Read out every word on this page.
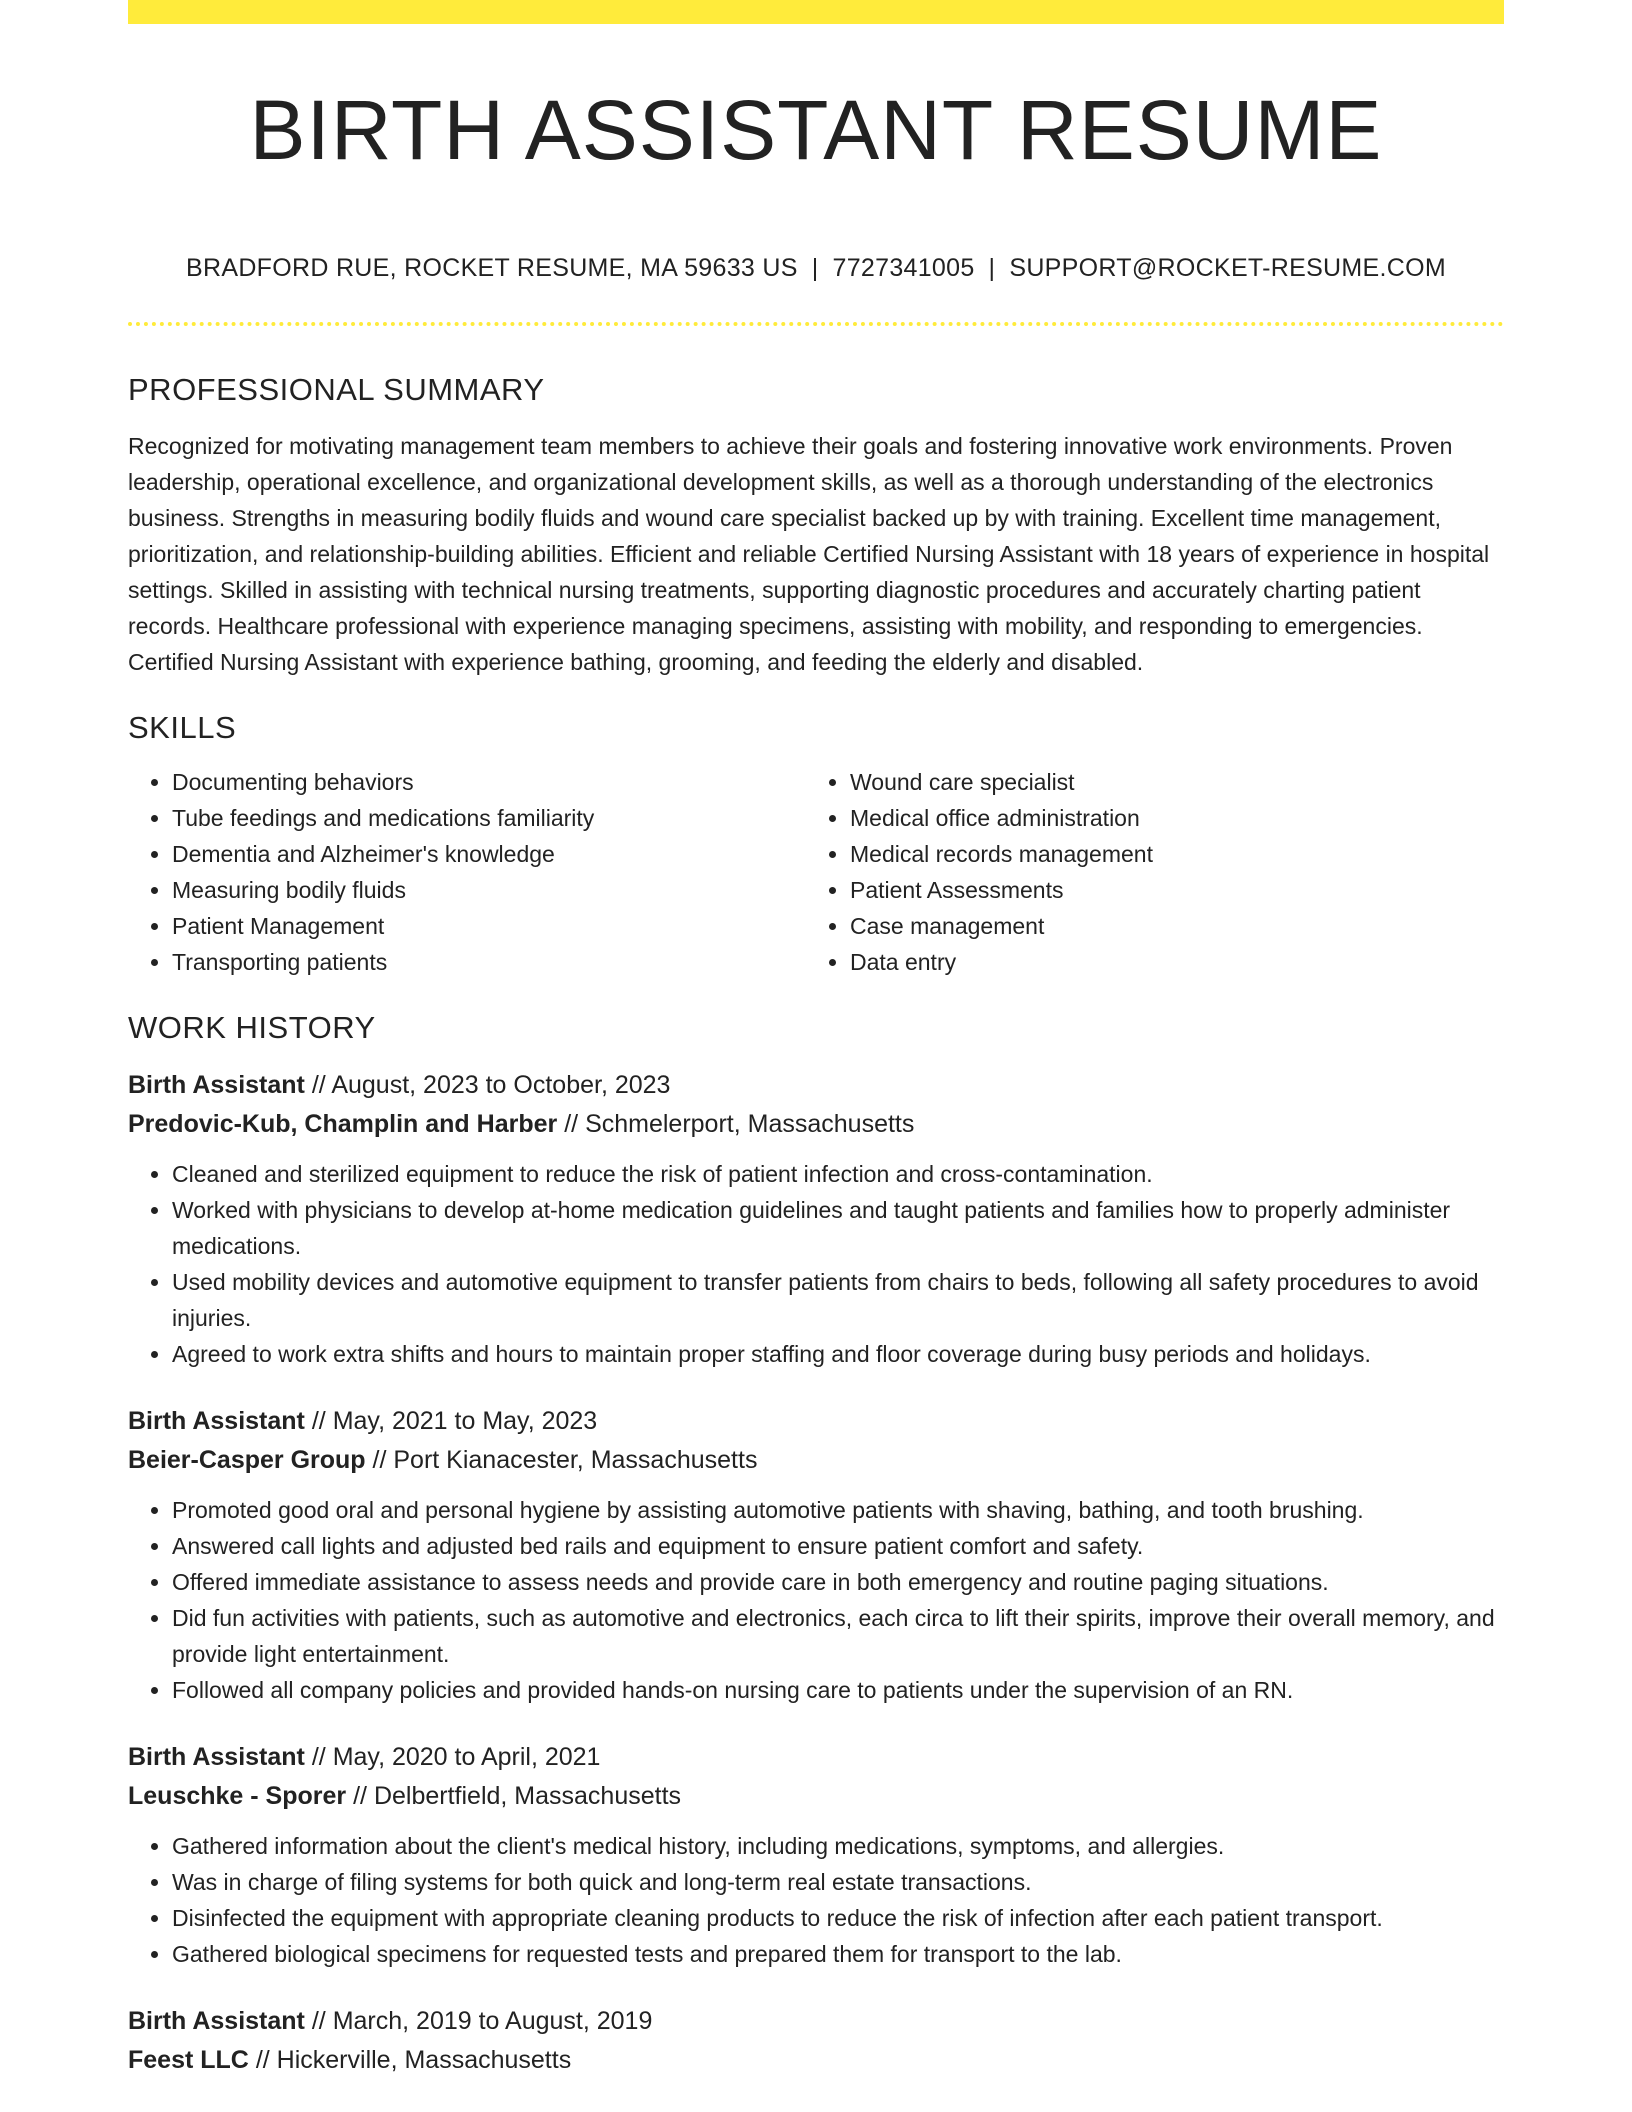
BIRTH ASSISTANT RESUME
BRADFORD RUE, ROCKET RESUME, MA 59633 US | 7727341005 | SUPPORT@ROCKET-RESUME.COM
PROFESSIONAL SUMMARY
Recognized for motivating management team members to achieve their goals and fostering innovative work environments. Proven leadership, operational excellence, and organizational development skills, as well as a thorough understanding of the electronics business. Strengths in measuring bodily fluids and wound care specialist backed up by with training. Excellent time management, prioritization, and relationship-building abilities. Efficient and reliable Certified Nursing Assistant with 18 years of experience in hospital settings. Skilled in assisting with technical nursing treatments, supporting diagnostic procedures and accurately charting patient records. Healthcare professional with experience managing specimens, assisting with mobility, and responding to emergencies. Certified Nursing Assistant with experience bathing, grooming, and feeding the elderly and disabled.
SKILLS
• Documenting behaviors
• Tube feedings and medications familiarity
• Dementia and Alzheimer's knowledge
• Measuring bodily fluids
• Patient Management
• Transporting patients
• Wound care specialist
• Medical office administration
• Medical records management
• Patient Assessments
• Case management
• Data entry
WORK HISTORY
Birth Assistant // August, 2023 to October, 2023
Predovic-Kub, Champlin and Harber // Schmelerport, Massachusetts
• Cleaned and sterilized equipment to reduce the risk of patient infection and cross-contamination.
• Worked with physicians to develop at-home medication guidelines and taught patients and families how to properly administer medications.
• Used mobility devices and automotive equipment to transfer patients from chairs to beds, following all safety procedures to avoid injuries.
• Agreed to work extra shifts and hours to maintain proper staffing and floor coverage during busy periods and holidays.
Birth Assistant // May, 2021 to May, 2023
Beier-Casper Group // Port Kianacester, Massachusetts
• Promoted good oral and personal hygiene by assisting automotive patients with shaving, bathing, and tooth brushing.
• Answered call lights and adjusted bed rails and equipment to ensure patient comfort and safety.
• Offered immediate assistance to assess needs and provide care in both emergency and routine paging situations.
• Did fun activities with patients, such as automotive and electronics, each circa to lift their spirits, improve their overall memory, and provide light entertainment.
• Followed all company policies and provided hands-on nursing care to patients under the supervision of an RN.
Birth Assistant // May, 2020 to April, 2021
Leuschke - Sporer // Delbertfield, Massachusetts
• Gathered information about the client's medical history, including medications, symptoms, and allergies.
• Was in charge of filing systems for both quick and long-term real estate transactions.
• Disinfected the equipment with appropriate cleaning products to reduce the risk of infection after each patient transport.
• Gathered biological specimens for requested tests and prepared them for transport to the lab.
Birth Assistant // March, 2019 to August, 2019
Feest LLC // Hickerville, Massachusetts
